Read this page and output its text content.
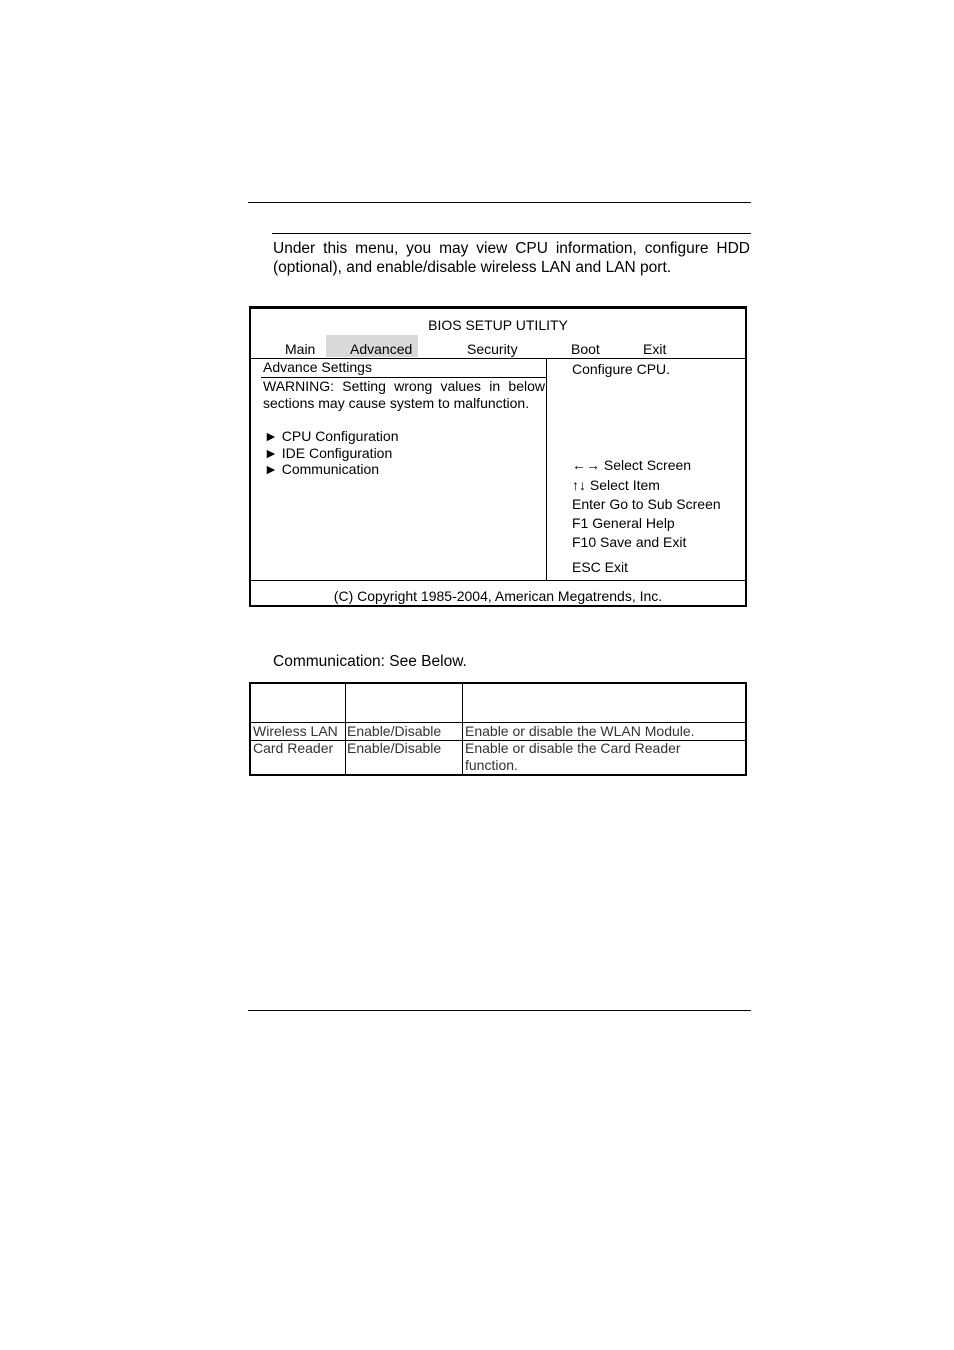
Under this menu, you may view CPU information, configure HDD (optional), and enable/disable wireless LAN and LAN port.

BIOS SETUP UTILITY
Main	Advanced	Security	Boot	Exit
Advance Settings
WARNING: Setting wrong values in below sections may cause system to malfunction.
► CPU Configuration
► IDE Configuration
► Communication
Configure CPU.
←→ Select Screen
↑↓ Select Item
Enter Go to Sub Screen
F1 General Help
F10 Save and Exit
ESC Exit
(C) Copyright 1985-2004, American Megatrends, Inc.
Communication: See Below.
Wireless LAN Enable/Disable Enable or disable the WLAN Module.
Card Reader Enable/Disable Enable or disable the Card Reader
function.
